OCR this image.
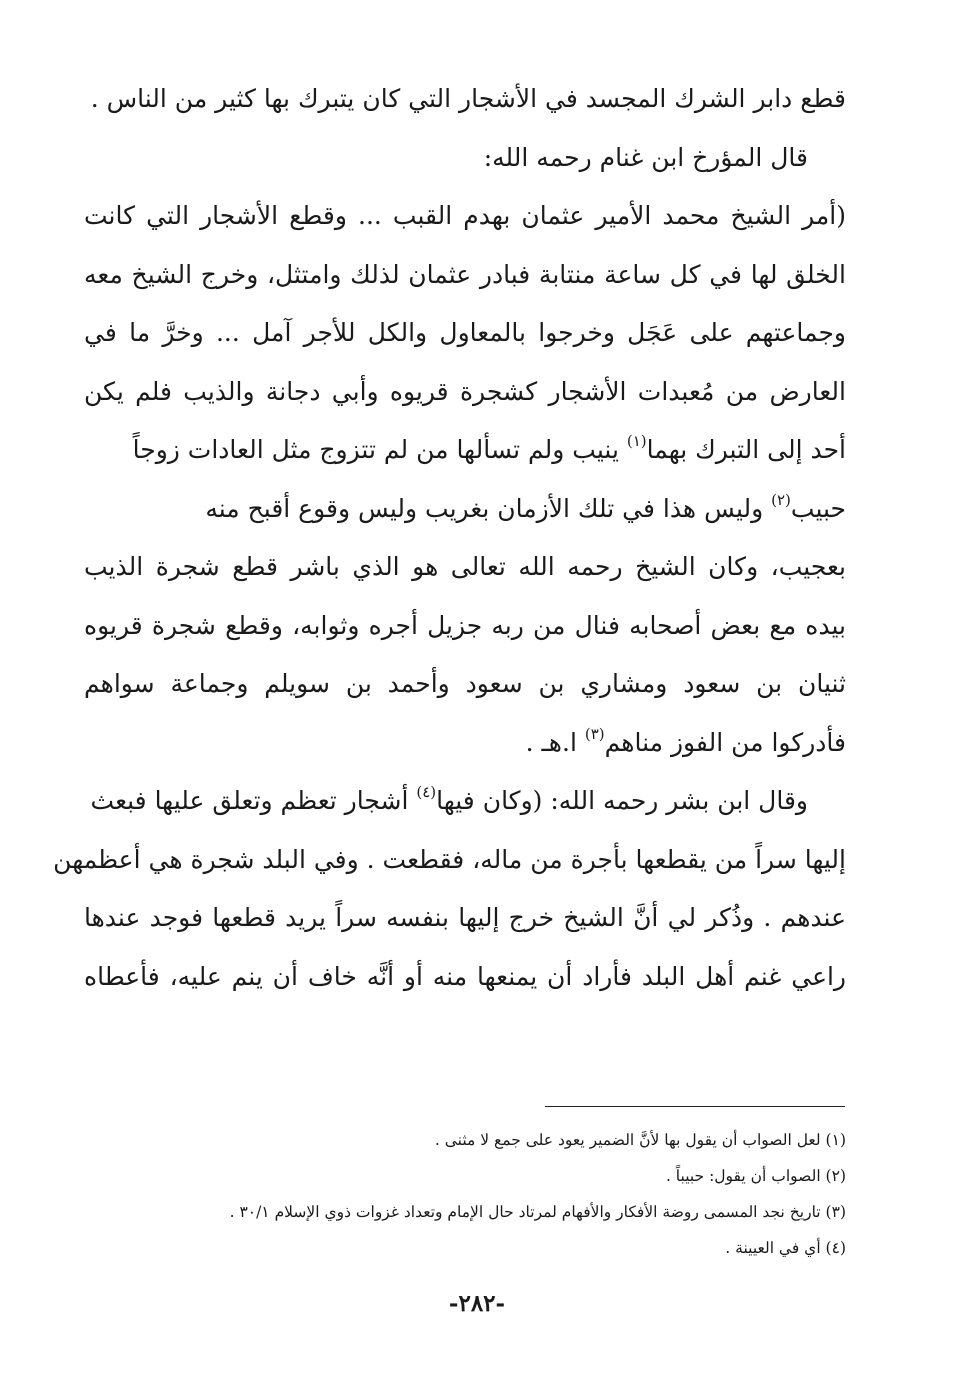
قطع دابر الشرك المجسد في الأشجار التي كان يتبرك بها كثير من الناس .
قال المؤرخ ابن غنام رحمه الله:
(أمر الشيخ محمد الأمير عثمان بهدم القبب ... وقطع الأشجار التي كانت
الخلق لها في كل ساعة منتابة فبادر عثمان لذلك وامتثل، وخرج الشيخ معه
وجماعتهم على عَجَل وخرجوا بالمعاول والكل للأجر آمل ... وخرَّ ما في
العارض من مُعبدات الأشجار كشجرة قريوه وأبي دجانة والذيب فلم يكن
أحد إلى التبرك بهما$^{(١)}$ ينيب ولم تسألها من لم تتزوج مثل العادات زوجاً
حبيب$^{(٢)}$ وليس هذا في تلك الأزمان بغريب وليس وقوع أقبح منه
بعجيب، وكان الشيخ رحمه الله تعالى هو الذي باشر قطع شجرة الذيب
بيده مع بعض أصحابه فنال من ربه جزيل أجره وثوابه، وقطع شجرة قريوه
ثنيان بن سعود ومشاري بن سعود وأحمد بن سويلم وجماعة سواهم
فأدركوا من الفوز مناهم$^{(٣)}$ ا.هـ .
وقال ابن بشر رحمه الله: (وكان فيها$^{(٤)}$ أشجار تعظم وتعلق عليها فبعث
إليها سراً من يقطعها بأجرة من ماله، فقطعت . وفي البلد شجرة هي أعظمهن
عندهم . وذُكر لي أنَّ الشيخ خرج إليها بنفسه سراً يريد قطعها فوجد عندها
راعي غنم أهل البلد فأراد أن يمنعها منه أو أنَّه خاف أن ينم عليه، فأعطاه
(١) لعل الصواب أن يقول بها لأنَّ الضمير يعود على جمع لا مثنى .
(٢) الصواب أن يقول: حبيباً .
(٣) تاريخ نجد المسمى روضة الأفكار والأفهام لمرتاد حال الإمام وتعداد غزوات ذوي الإسلام ٣٠/١ .
(٤) أي في العيينة .
-٢٨٢-
